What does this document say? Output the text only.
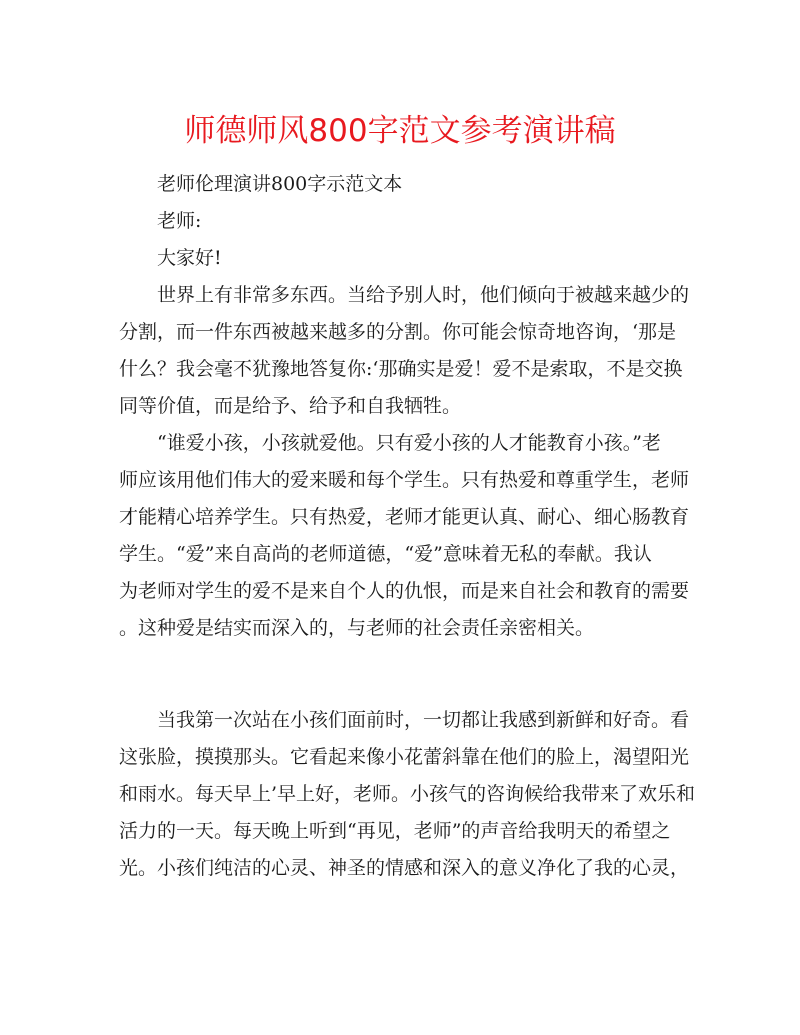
师德师风800字范文参考演讲稿
老师伦理演讲800字示范文本
老师:
大家好!
世界上有非常多东西。当给予别人时，他们倾向于被越来越少的
分割，而一件东西被越来越多的分割。你可能会惊奇地咨询，‘那是
什么？我会毫不犹豫地答复你:‘那确实是爱！爱不是索取，不是交换
同等价值，而是给予、给予和自我牺牲。
“谁爱小孩，小孩就爱他。只有爱小孩的人才能教育小孩。”老
师应该用他们伟大的爱来暖和每个学生。只有热爱和尊重学生，老师
才能精心培养学生。只有热爱，老师才能更认真、耐心、细心肠教育
学生。“爱”来自高尚的老师道德，“爱”意味着无私的奉献。我认
为老师对学生的爱不是来自个人的仇恨，而是来自社会和教育的需要
。这种爱是结实而深入的，与老师的社会责任亲密相关。
当我第一次站在小孩们面前时，一切都让我感到新鲜和好奇。看
这张脸，摸摸那头。它看起来像小花蕾斜靠在他们的脸上，渴望阳光
和雨水。每天早上’早上好，老师。小孩气的咨询候给我带来了欢乐和
活力的一天。每天晚上听到“再见，老师”的声音给我明天的希望之
光。小孩们纯洁的心灵、神圣的情感和深入的意义净化了我的心灵，
